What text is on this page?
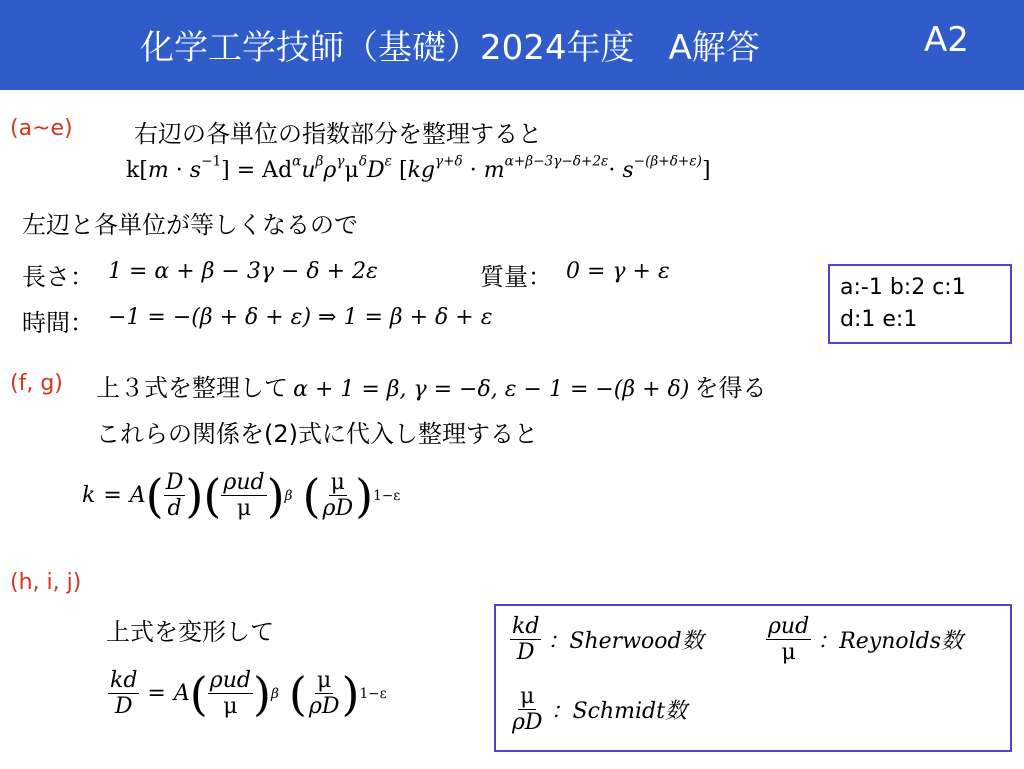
化学工学技師（基礎）2024年度　A解答	A2
(a~e)	右辺の各単位の指数部分を整理すると
$k[m \cdot s^{-1}] = Ad^\alpha u^\beta\rho^\gamma\mu^\delta D^\varepsilon$ $[kg^{\gamma+\delta} \cdot m^{\alpha+\beta-3\gamma-\delta+2\varepsilon}\cdot s^{-(\beta+\delta+\varepsilon)}]$
左辺と各単位が等しくなるので
長さ： 1 = α + β − 3γ − δ + 2ε	質量： 0 = γ + ε
時間： −1 = −(β + δ + ε) ⇒ 1 = β + δ + ε
a:-1 b:2 c:1
d:1 e:1
(f, g) 上３式を整理して α + 1 = β, γ = −δ, ε − 1 = −(β + δ) を得る
これらの関係を(2)式に代入し整理すると
k = A ( $\frac{D}{d}$ ) ( $\frac{\text{ρud}}{\mu}$ ) β ( $\frac{\mu}{\rho D}$ ) 1−ε
(h, i, j)
上式を変形して
$\frac{kd}{D} = A$ ( $\frac{\text{ρud}}{\mu}$ ) β ( $\frac{\mu}{\rho D}$ ) 1−ε
$\frac{kd}{D}$ ：Sherwood数	$\frac{\text{ρud}}{\mu}$ ：Reynolds数
$\frac{\mu}{\rho D}$ ：Schmidt数
